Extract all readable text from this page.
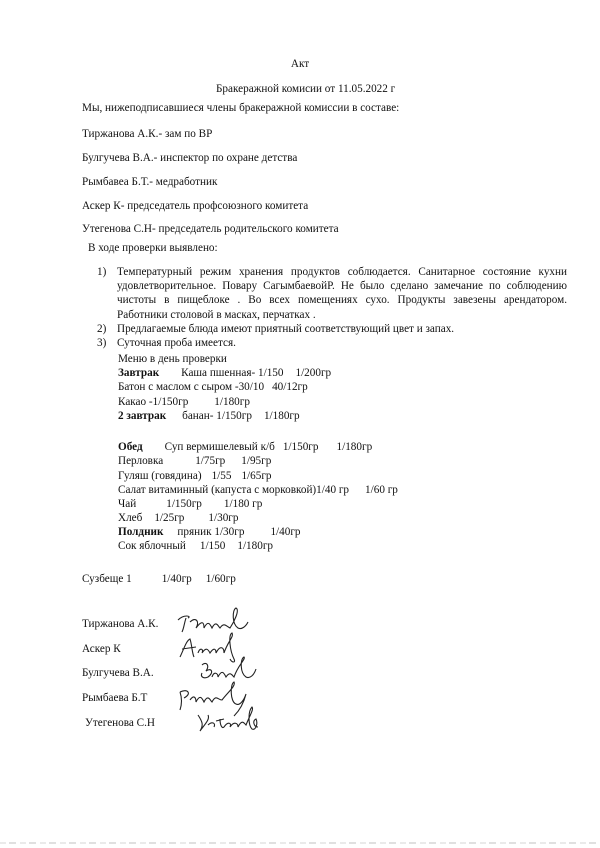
Акт
Бракеражной комисии от 11.05.2022 г
Мы, нижеподписавшиеся члены бракеражной комиссии в составе:
Тиржанова А.К.- зам по ВР
Булгучева В.А.- инспектор по охране детства
Рымбавеа Б.Т.- медработник
Аскер К- председатель профсоюзного комитета
Утегенова С.Н- председатель родительского комитета
В ходе проверки выявлено:
1) Температурный режим хранения продуктов соблюдается. Санитарное состояние кухни удовлетворительное. Повару СагымбаевойР. Не было сделано замечание по соблюдению чистоты в пищеблоке . Во всех помещениях сухо. Продукты завезены арендатором. Работники столовой в масках, перчатках .
2) Предлагаемые блюда имеют приятный соответствующий цвет и запах.
3) Суточная проба имеется.
Меню в день проверки
Завтрак Каша пшенная- 1/150 1/200гр
Батон с маслом с сыром -30/10 40/12гр
Какао -1/150гр 1/180гр
2 завтрак банан- 1/150гр 1/180гр
Обед Суп вермишелевый к/б 1/150гр 1/180гр
Перловка	1/75гр 1/95гр
Гуляш (говядина) 1/55 1/65гр
Салат витаминный (капуста с морковкой)1/40 гр 1/60 гр
Чай	1/150гр 1/180 гр
Хлеб 1/25гр 1/30гр
Полдник пряник 1/30гр 1/40гр
Сок яблочный 1/150 1/180гр
Сузбеще 1	1/40гр 1/60гр
Тиржанова А.К.
Аскер К
Булгучева В.А.
Рымбаева Б.Т
Утегенова С.Н
